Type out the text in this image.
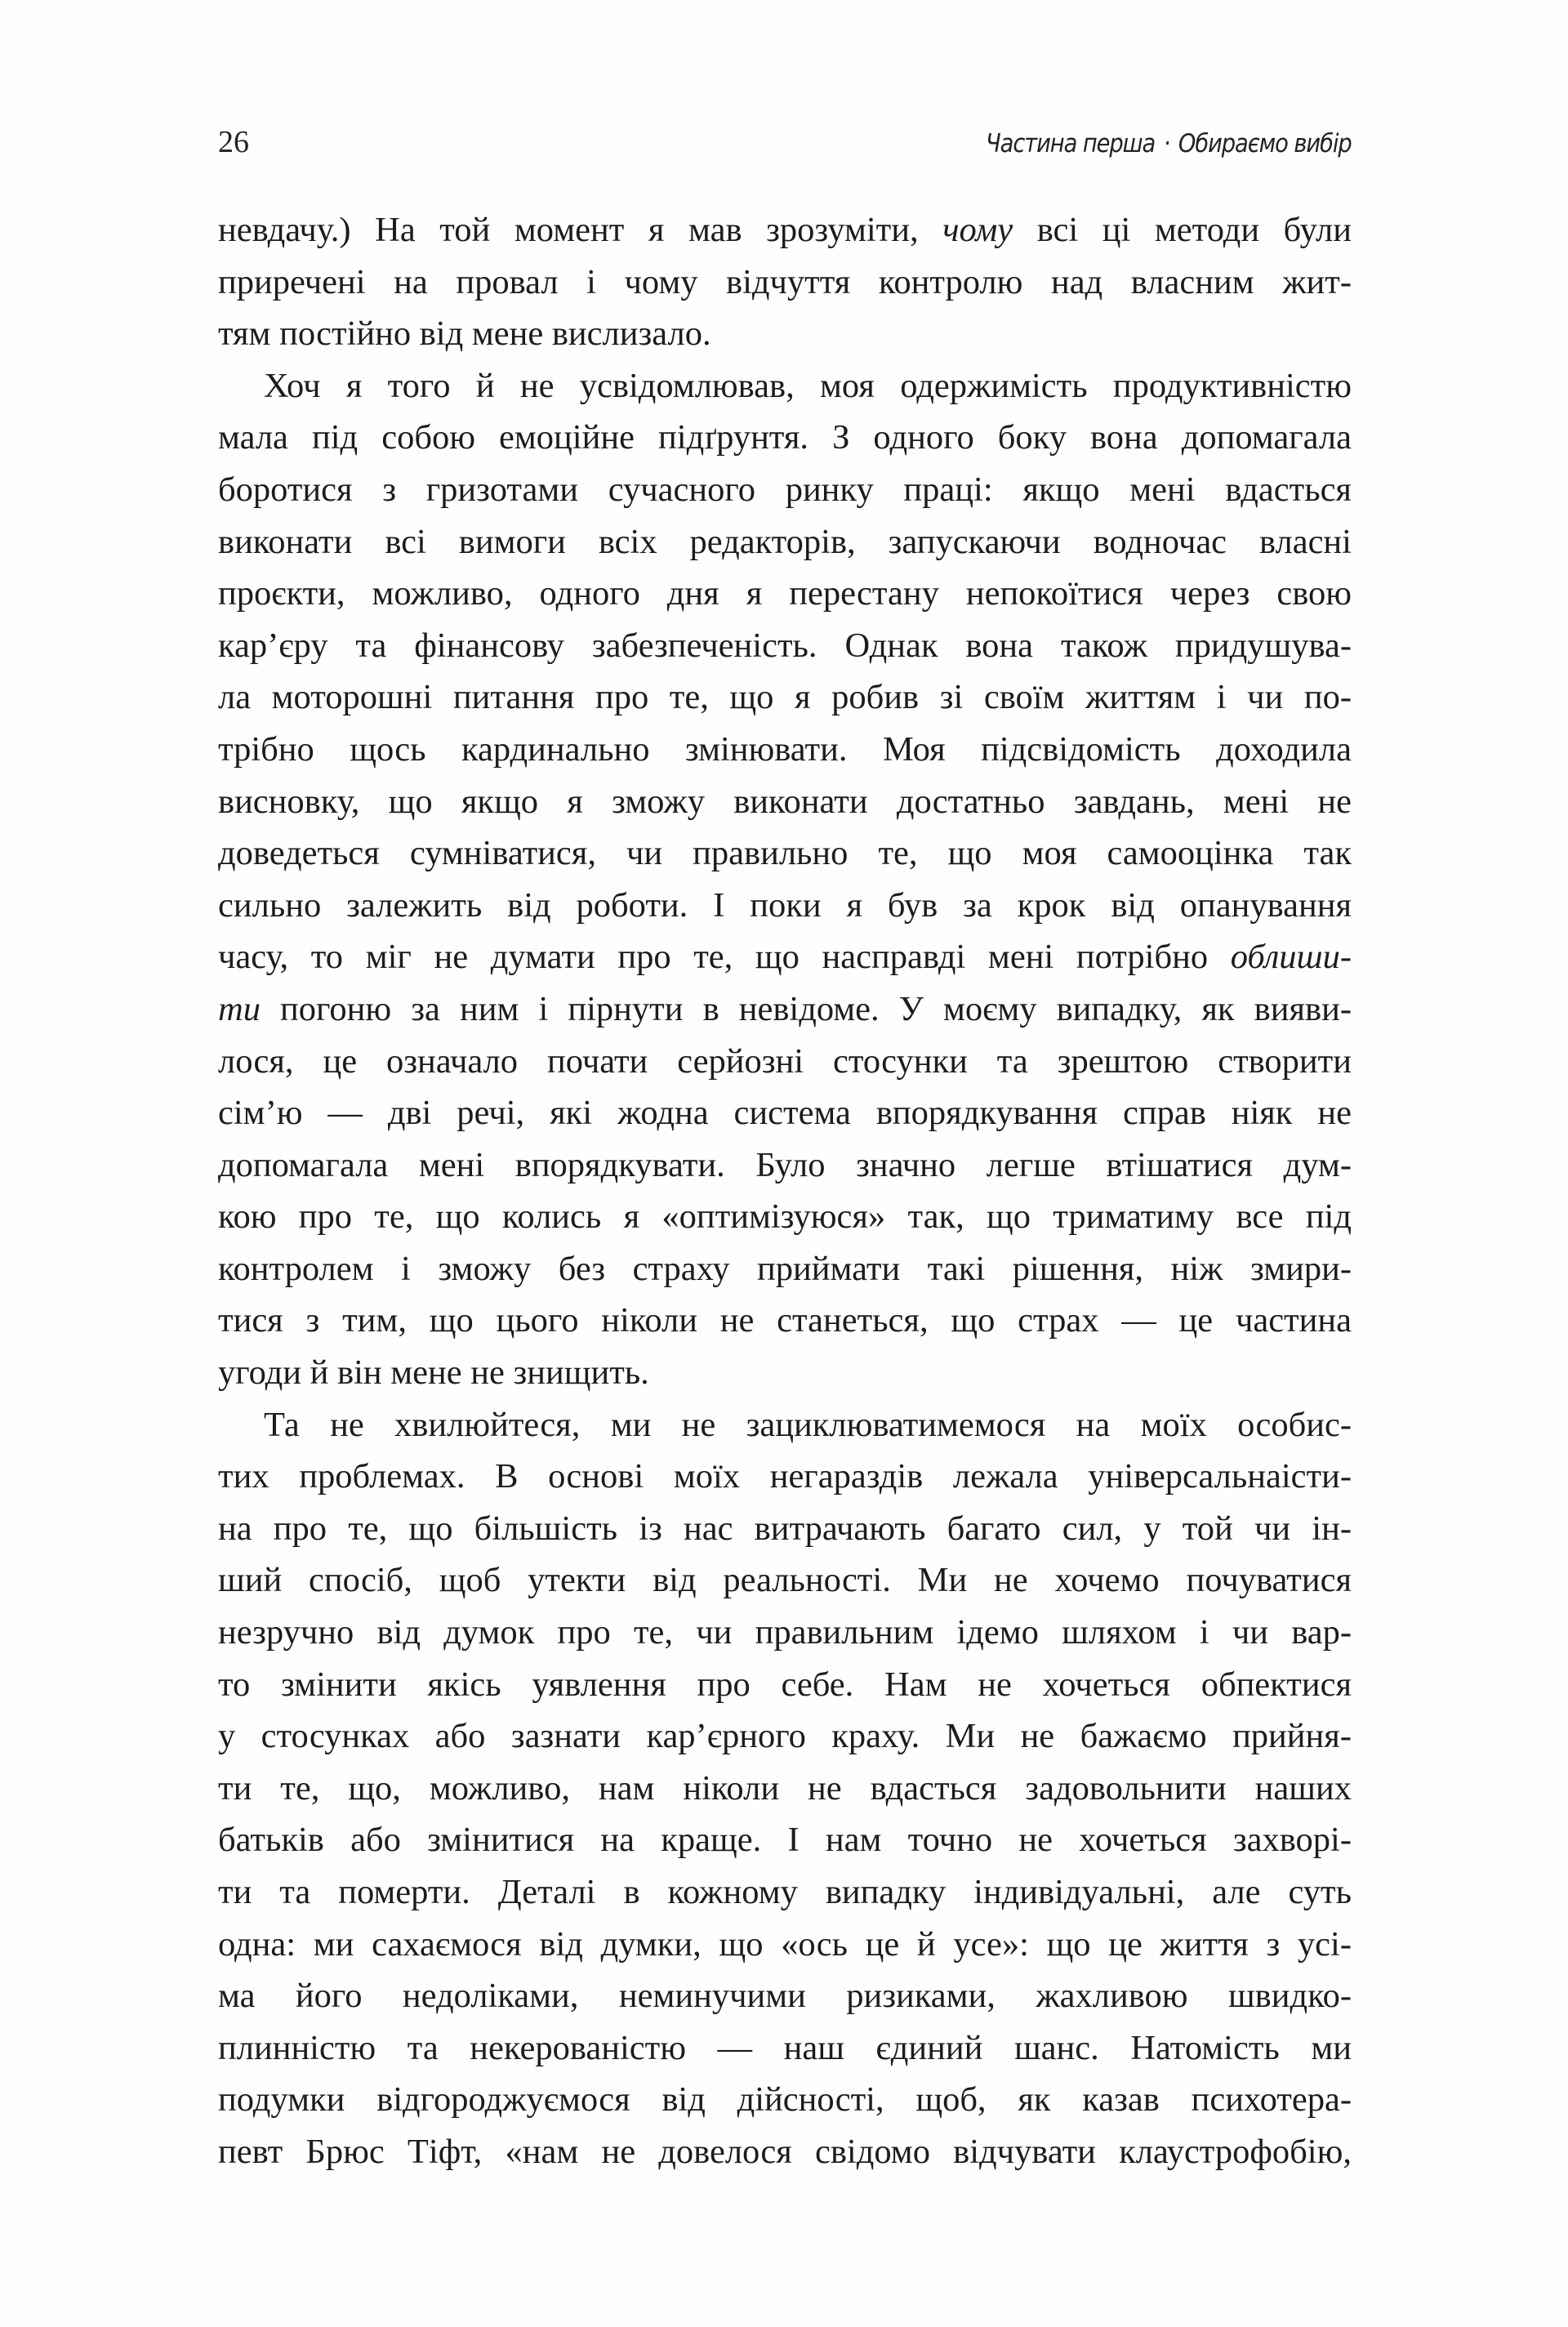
26	Частина перша · Обираємо вибір
невдачу.) На той момент я мав зрозуміти, чому всі ці методи були
приречені на провал і чому відчуття контролю над власним жит-
тям постійно від мене вислизало.
Хоч я того й не усвідомлював, моя одержимість продуктивністю
мала під собою емоційне підґрунтя. З одного боку вона допомагала
боротися з гризотами сучасного ринку праці: якщо мені вдасться
виконати всі вимоги всіх редакторів, запускаючи водночас власні
проєкти, можливо, одного дня я перестану непокоїтися через свою
кар’єру та фінансову забезпеченість. Однак вона також придушува-
ла моторошні питання про те, що я робив зі своїм життям і чи по-
трібно щось кардинально змінювати. Моя підсвідомість доходила
висновку, що якщо я зможу виконати достатньо завдань, мені не
доведеться сумніватися, чи правильно те, що моя самооцінка так
сильно залежить від роботи. І поки я був за крок від опанування
часу, то міг не думати про те, що насправді мені потрібно облиши-
ти погоню за ним і пірнути в невідоме. У моєму випадку, як вияви-
лося, це означало почати серйозні стосунки та зрештою створити
сім’ю — дві речі, які жодна система впорядкування справ ніяк не
допомагала мені впорядкувати. Було значно легше втішатися дум-
кою про те, що колись я «оптимізуюся» так, що триматиму все під
контролем і зможу без страху приймати такі рішення, ніж змири-
тися з тим, що цього ніколи не станеться, що страх — це частина
угоди й він мене не знищить.
Та не хвилюйтеся, ми не зациклюватимемося на моїх особис-
тих проблемах. В основі моїх негараздів лежала універсальнаісти-
на про те, що більшість із нас витрачають багато сил, у той чи ін-
ший спосіб, щоб утекти від реальності. Ми не хочемо почуватися
незручно від думок про те, чи правильним ідемо шляхом і чи вар-
то змінити якісь уявлення про себе. Нам не хочеться обпектися
у стосунках або зазнати кар’єрного краху. Ми не бажаємо прийня-
ти те, що, можливо, нам ніколи не вдасться задовольнити наших
батьків або змінитися на краще. І нам точно не хочеться захворі-
ти та померти. Деталі в кожному випадку індивідуальні, але суть
одна: ми сахаємося від думки, що «ось це й усе»: що це життя з усі-
ма його недоліками, неминучими ризиками, жахливою швидко-
плинністю та некерованістю — наш єдиний шанс. Натомість ми
подумки відгороджуємося від дійсності, щоб, як казав психотера-
певт Брюс Тіфт, «нам не довелося свідомо відчувати клаустрофобію,
